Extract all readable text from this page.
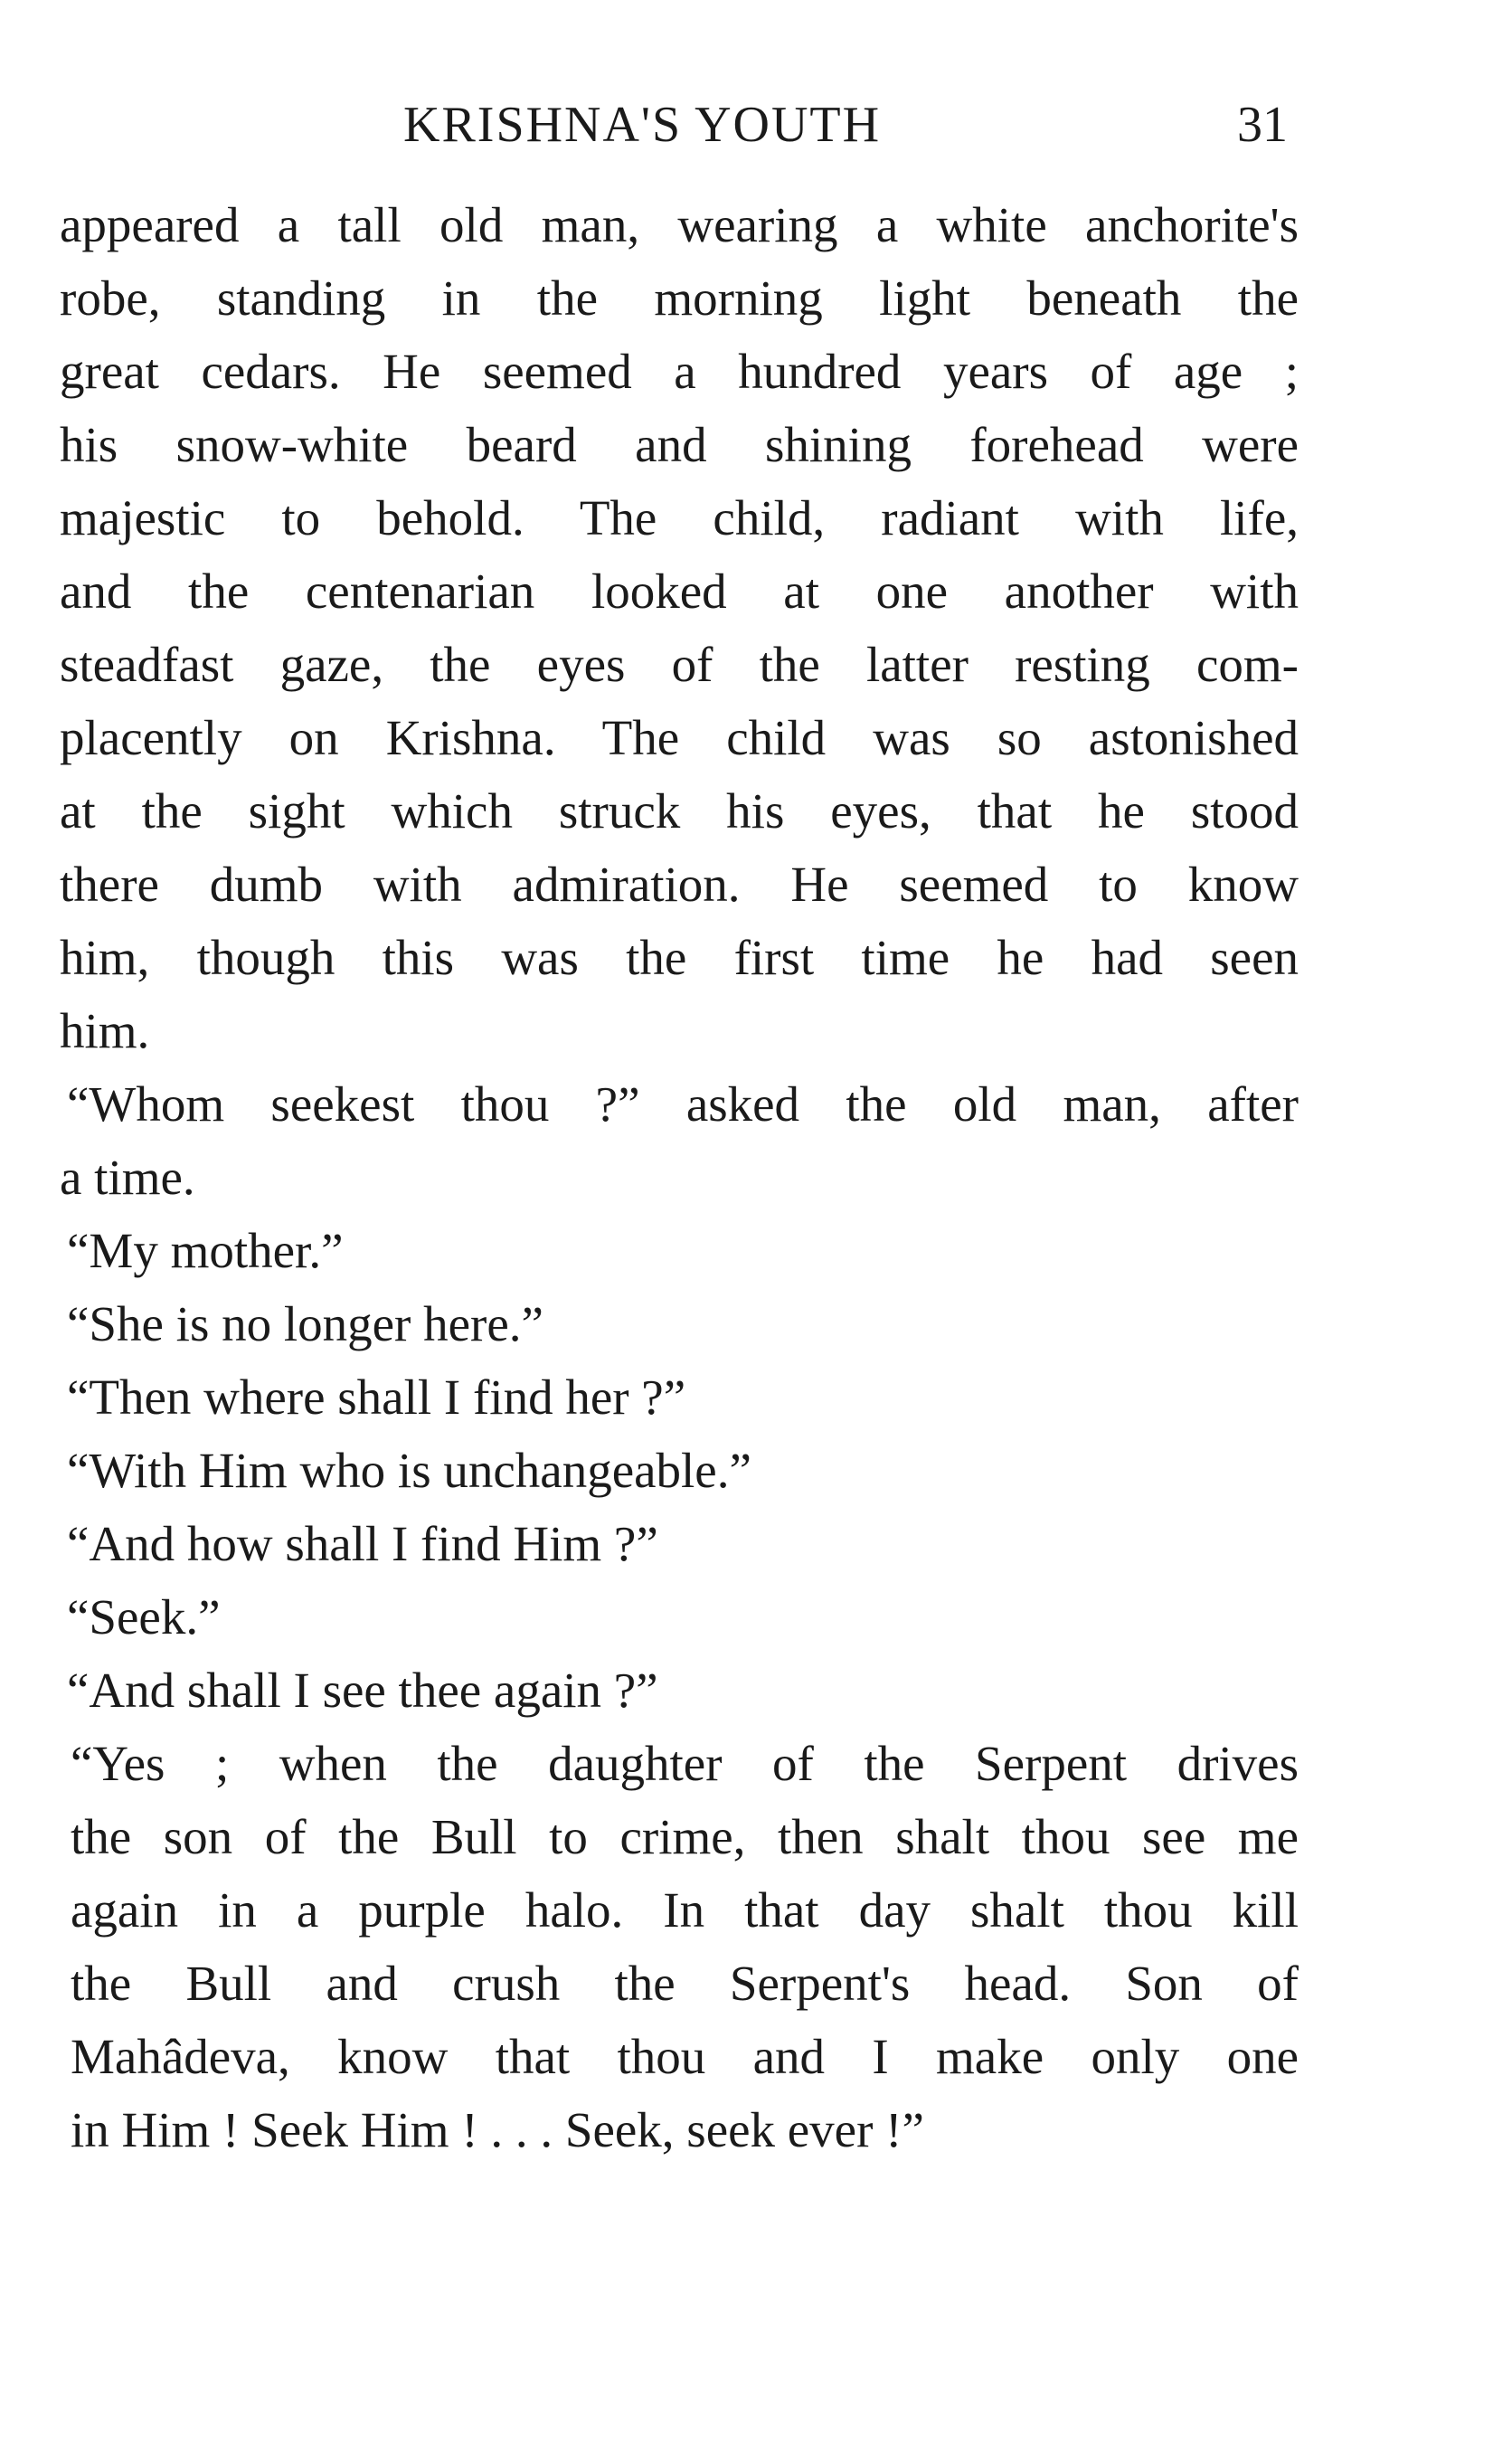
KRISHNA'S YOUTH	31
appeared a tall old man, wearing a white anchorite's
robe, standing in the morning light beneath the
great cedars. He seemed a hundred years of age ;
his snow-white beard and shining forehead were
majestic to behold. The child, radiant with life,
and the centenarian looked at one another with
steadfast gaze, the eyes of the latter resting com-
placently on Krishna. The child was so astonished
at the sight which struck his eyes, that he stood
there dumb with admiration. He seemed to know
him, though this was the first time he had seen
him.
“Whom seekest thou ?” asked the old man, after
a time.
“My mother.”
“She is no longer here.”
“Then where shall I find her ?”
“With Him who is unchangeable.”
“And how shall I find Him ?”
“Seek.”
“And shall I see thee again ?”
“Yes ; when the daughter of the Serpent drives
the son of the Bull to crime, then shalt thou see me
again in a purple halo. In that day shalt thou kill
the Bull and crush the Serpent's head. Son of
Mahâdeva, know that thou and I make only one
in Him ! Seek Him ! . . . Seek, seek ever !”
